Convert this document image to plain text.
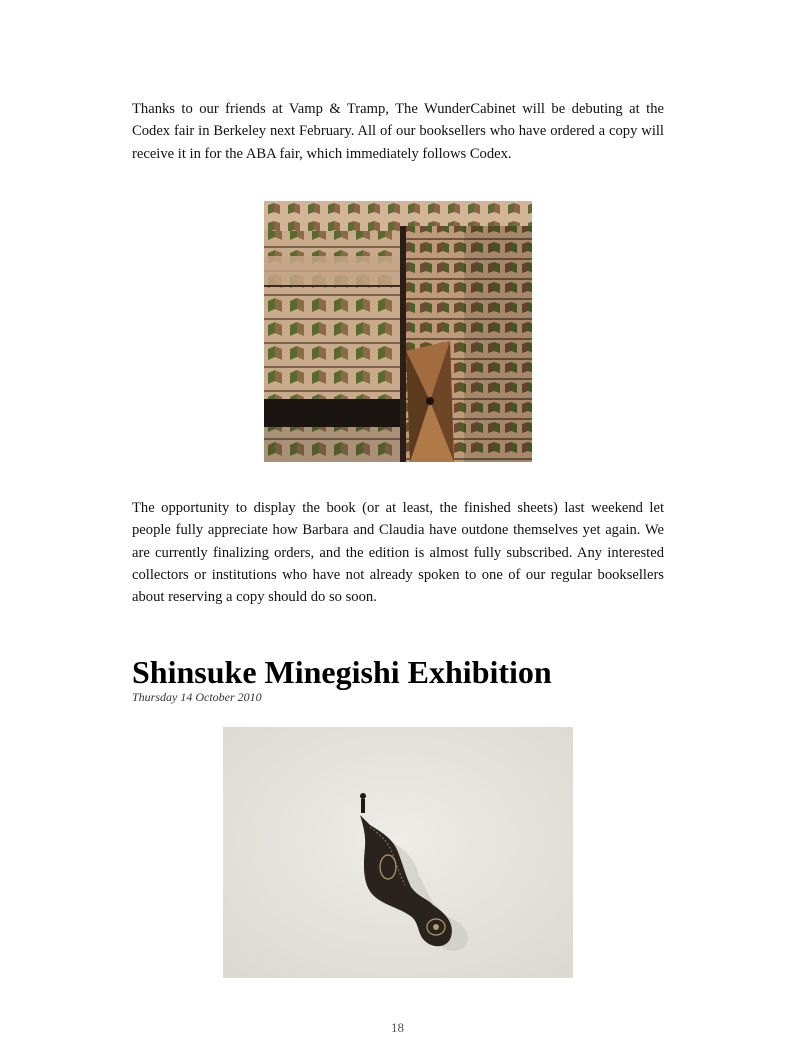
Thanks to our friends at Vamp & Tramp, The WunderCabinet will be debuting at the Codex fair in Berkeley next February. All of our booksellers who have ordered a copy will receive it in for the ABA fair, which immediately follows Codex.

The opportunity to display the book (or at least, the finished sheets) last weekend let people fully appreciate how Barbara and Claudia have outdone themselves yet again. We are currently finalizing orders, and the edition is almost fully subscribed. Any interested collectors or institutions who have not already spoken to one of our regular booksellers about reserving a copy should do so soon.

Shinsuke Minegishi Exhibition

Thursday 14 October 2010

18
